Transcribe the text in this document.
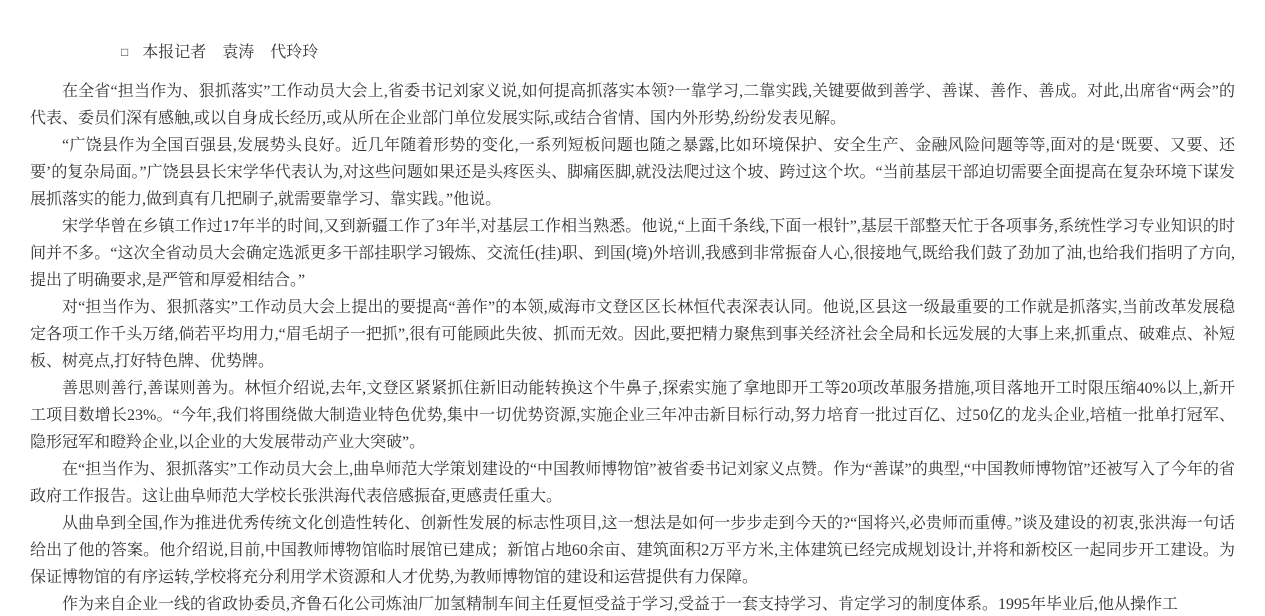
□ 本报记者　袁涛　代玲玲

在全省“担当作为、狠抓落实”工作动员大会上,省委书记刘家义说,如何提高抓落实本领?一靠学习,二靠实践,关键要做到善学、善谋、善作、善成。对此,出席省“两会”的代表、委员们深有感触,或以自身成长经历,或从所在企业部门单位发展实际,或结合省情、国内外形势,纷纷发表见解。

“广饶县作为全国百强县,发展势头良好。近几年随着形势的变化,一系列短板问题也随之暴露,比如环境保护、安全生产、金融风险问题等等,面对的是‘既要、又要、还要’的复杂局面。”广饶县县长宋学华代表认为,对这些问题如果还是头疼医头、脚痛医脚,就没法爬过这个坡、跨过这个坎。“当前基层干部迫切需要全面提高在复杂环境下谋发展抓落实的能力,做到真有几把刷子,就需要靠学习、靠实践。”他说。

宋学华曾在乡镇工作过17年半的时间,又到新疆工作了3年半,对基层工作相当熟悉。他说,“上面千条线,下面一根针”,基层干部整天忙于各项事务,系统性学习专业知识的时间并不多。“这次全省动员大会确定选派更多干部挂职学习锻炼、交流任(挂)职、到国(境)外培训,我感到非常振奋人心,很接地气,既给我们鼓了劲加了油,也给我们指明了方向,提出了明确要求,是严管和厚爱相结合。”

对“担当作为、狠抓落实”工作动员大会上提出的要提高“善作”的本领,威海市文登区区长林恒代表深表认同。他说,区县这一级最重要的工作就是抓落实,当前改革发展稳定各项工作千头万绪,倘若平均用力,“眉毛胡子一把抓”,很有可能顾此失彼、抓而无效。因此,要把精力聚焦到事关经济社会全局和长远发展的大事上来,抓重点、破难点、补短板、树亮点,打好特色牌、优势牌。

善思则善行,善谋则善为。林恒介绍说,去年,文登区紧紧抓住新旧动能转换这个牛鼻子,探索实施了拿地即开工等20项改革服务措施,项目落地开工时限压缩40%以上,新开工项目数增长23%。“今年,我们将围绕做大制造业特色优势,集中一切优势资源,实施企业三年冲击新目标行动,努力培育一批过百亿、过50亿的龙头企业,培植一批单打冠军、隐形冠军和瞪羚企业,以企业的大发展带动产业大突破”。

在“担当作为、狠抓落实”工作动员大会上,曲阜师范大学策划建设的“中国教师博物馆”被省委书记刘家义点赞。作为“善谋”的典型,“中国教师博物馆”还被写入了今年的省政府工作报告。这让曲阜师范大学校长张洪海代表倍感振奋,更感责任重大。

从曲阜到全国,作为推进优秀传统文化创造性转化、创新性发展的标志性项目,这一想法是如何一步步走到今天的?“国将兴,必贵师而重傅。”谈及建设的初衷,张洪海一句话给出了他的答案。他介绍说,目前,中国教师博物馆临时展馆已建成；新馆占地60余亩、建筑面积2万平方米,主体建筑已经完成规划设计,并将和新校区一起同步开工建设。为保证博物馆的有序运转,学校将充分利用学术资源和人才优势,为教师博物馆的建设和运营提供有力保障。

作为来自企业一线的省政协委员,齐鲁石化公司炼油厂加氢精制车间主任夏恒受益于学习,受益于一套支持学习、肯定学习的制度体系。1995年毕业后,他从操作工
